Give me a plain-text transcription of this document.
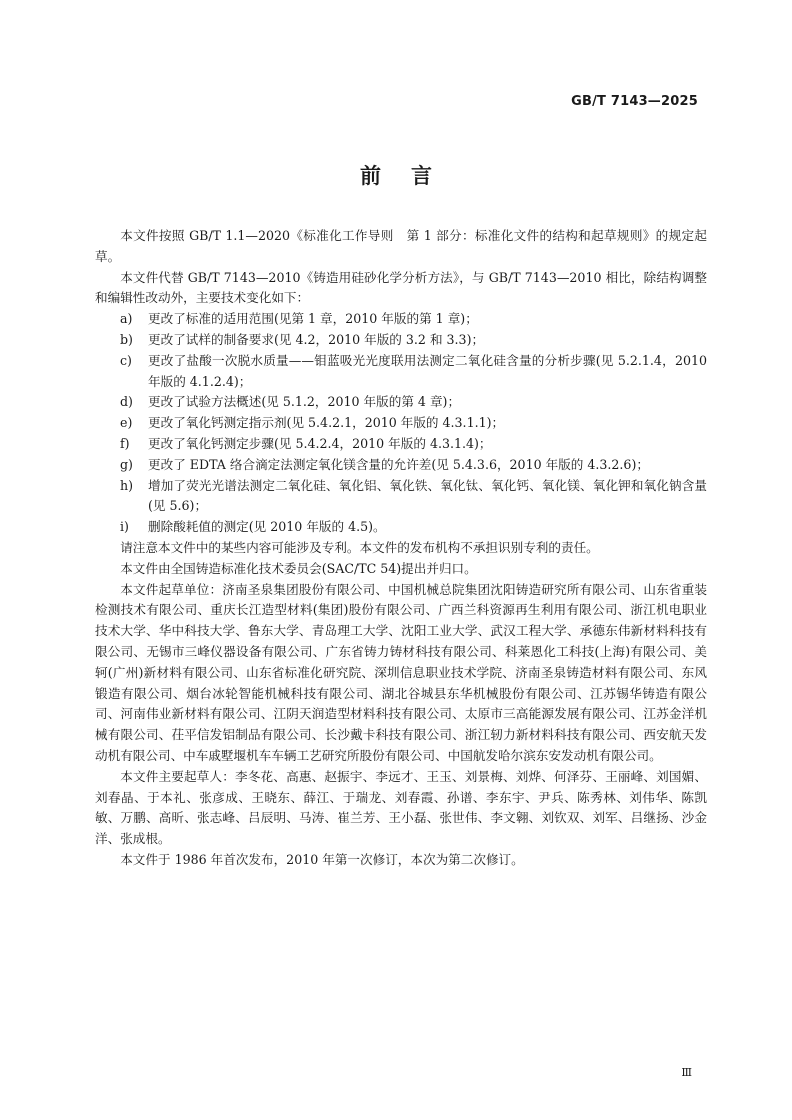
GB/T 7143—2025
前言

本文件按照 GB/T 1.1—2020《标准化工作导则　第 1 部分：标准化文件的结构和起草规则》的规定起草。

本文件代替 GB/T 7143—2010《铸造用硅砂化学分析方法》，与 GB/T 7143—2010 相比，除结构调整和编辑性改动外，主要技术变化如下：

a)	更改了标准的适用范围(见第 1 章，2010 年版的第 1 章)；
b)	更改了试样的制备要求(见 4.2，2010 年版的 3.2 和 3.3)；
c)	更改了盐酸一次脱水质量——钼蓝吸光光度联用法测定二氧化硅含量的分析步骤(见 5.2.1.4，2010 年版的 4.1.2.4)；
d)	更改了试验方法概述(见 5.1.2，2010 年版的第 4 章)；
e)	更改了氧化钙测定指示剂(见 5.4.2.1，2010 年版的 4.3.1.1)；
f)	更改了氧化钙测定步骤(见 5.4.2.4，2010 年版的 4.3.1.4)；
g)	更改了 EDTA 络合滴定法测定氧化镁含量的允许差(见 5.4.3.6，2010 年版的 4.3.2.6)；
h)	增加了荧光光谱法测定二氧化硅、氧化铝、氧化铁、氧化钛、氧化钙、氧化镁、氧化钾和氧化钠含量(见 5.6)；
i)	删除酸耗值的测定(见 2010 年版的 4.5)。

请注意本文件中的某些内容可能涉及专利。本文件的发布机构不承担识别专利的责任。

本文件由全国铸造标准化技术委员会(SAC/TC 54)提出并归口。

本文件起草单位：济南圣泉集团股份有限公司、中国机械总院集团沈阳铸造研究所有限公司、山东省重装检测技术有限公司、重庆长江造型材料(集团)股份有限公司、广西兰科资源再生利用有限公司、浙江机电职业技术大学、华中科技大学、鲁东大学、青岛理工大学、沈阳工业大学、武汉工程大学、承德东伟新材料科技有限公司、无锡市三峰仪器设备有限公司、广东省铸力铸材科技有限公司、科莱恩化工科技(上海)有限公司、美轲(广州)新材料有限公司、山东省标准化研究院、深圳信息职业技术学院、济南圣泉铸造材料有限公司、东风锻造有限公司、烟台冰轮智能机械科技有限公司、湖北谷城县东华机械股份有限公司、江苏锡华铸造有限公司、河南伟业新材料有限公司、江阴天润造型材料科技有限公司、太原市三高能源发展有限公司、江苏金洋机械有限公司、茌平信发铝制品有限公司、长沙戴卡科技有限公司、浙江轫力新材料科技有限公司、西安航天发动机有限公司、中车戚墅堰机车车辆工艺研究所股份有限公司、中国航发哈尔滨东安发动机有限公司。

本文件主要起草人：李冬花、高惠、赵振宇、李远才、王玉、刘景梅、刘烨、何泽芬、王丽峰、刘国媚、刘春晶、于本礼、张彦成、王晓东、薛江、于瑞龙、刘春霞、孙谱、李东宇、尹兵、陈秀林、刘伟华、陈凯敏、万鹏、高昕、张志峰、吕辰明、马涛、崔兰芳、王小磊、张世伟、李文翱、刘钦双、刘军、吕继扬、沙金洋、张成根。

本文件于 1986 年首次发布，2010 年第一次修订，本次为第二次修订。

Ⅲ
